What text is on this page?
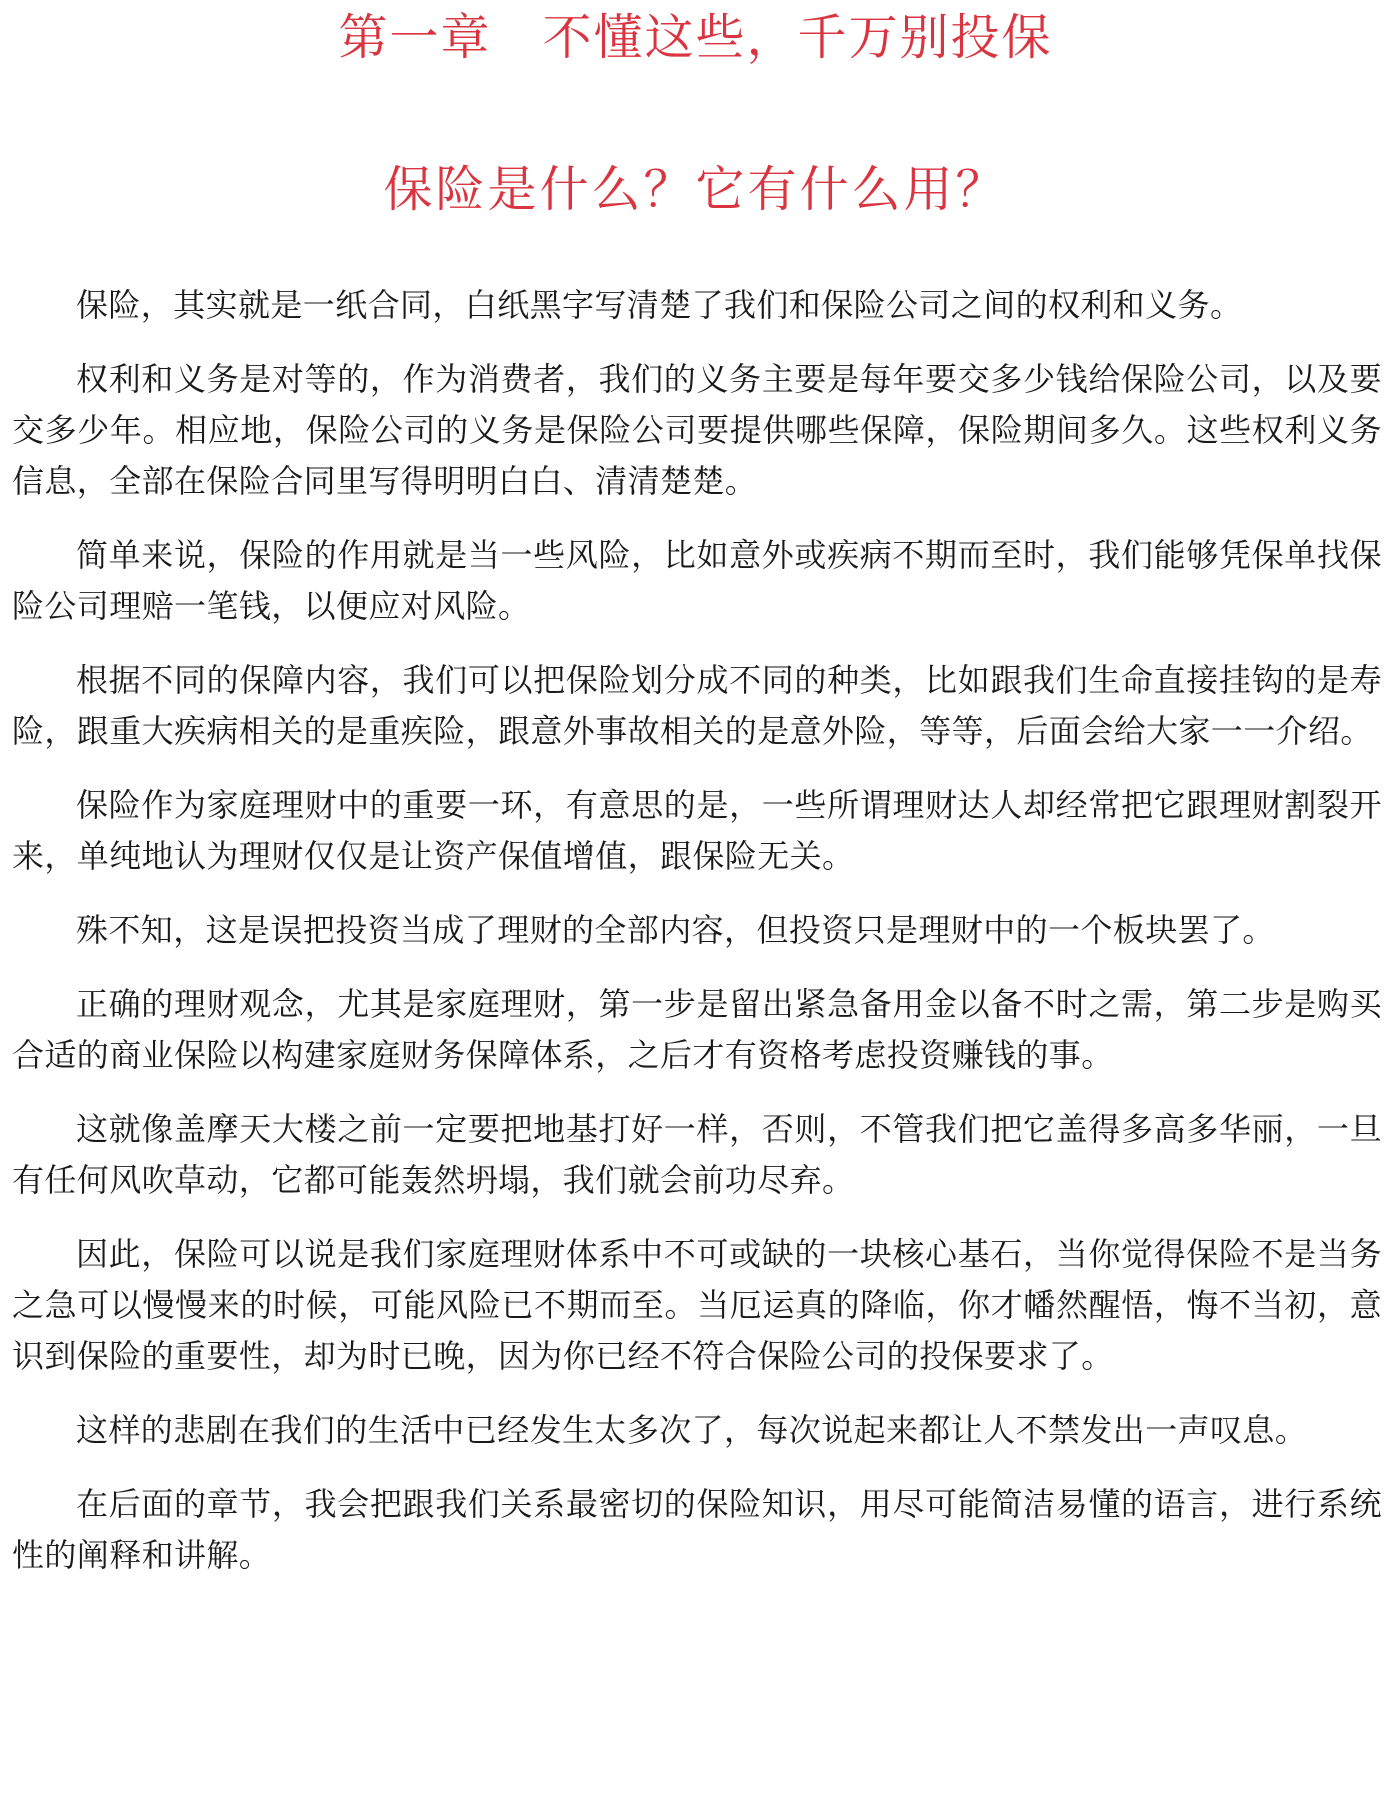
第一章　不懂这些，千万别投保
保险是什么？它有什么用？

保险，其实就是一纸合同，白纸黑字写清楚了我们和保险公司之间的权利和义务。

权利和义务是对等的，作为消费者，我们的义务主要是每年要交多少钱给保险公司，以及要交多少年。相应地，保险公司的义务是保险公司要提供哪些保障，保险期间多久。这些权利义务信息，全部在保险合同里写得明明白白、清清楚楚。

简单来说，保险的作用就是当一些风险，比如意外或疾病不期而至时，我们能够凭保单找保险公司理赔一笔钱，以便应对风险。

根据不同的保障内容，我们可以把保险划分成不同的种类，比如跟我们生命直接挂钩的是寿险，跟重大疾病相关的是重疾险，跟意外事故相关的是意外险，等等，后面会给大家一一介绍。

保险作为家庭理财中的重要一环，有意思的是，一些所谓理财达人却经常把它跟理财割裂开来，单纯地认为理财仅仅是让资产保值增值，跟保险无关。

殊不知，这是误把投资当成了理财的全部内容，但投资只是理财中的一个板块罢了。

正确的理财观念，尤其是家庭理财，第一步是留出紧急备用金以备不时之需，第二步是购买合适的商业保险以构建家庭财务保障体系，之后才有资格考虑投资赚钱的事。

这就像盖摩天大楼之前一定要把地基打好一样，否则，不管我们把它盖得多高多华丽，一旦有任何风吹草动，它都可能轰然坍塌，我们就会前功尽弃。

因此，保险可以说是我们家庭理财体系中不可或缺的一块核心基石，当你觉得保险不是当务之急可以慢慢来的时候，可能风险已不期而至。当厄运真的降临，你才幡然醒悟，悔不当初，意识到保险的重要性，却为时已晚，因为你已经不符合保险公司的投保要求了。

这样的悲剧在我们的生活中已经发生太多次了，每次说起来都让人不禁发出一声叹息。

在后面的章节，我会把跟我们关系最密切的保险知识，用尽可能简洁易懂的语言，进行系统性的阐释和讲解。
